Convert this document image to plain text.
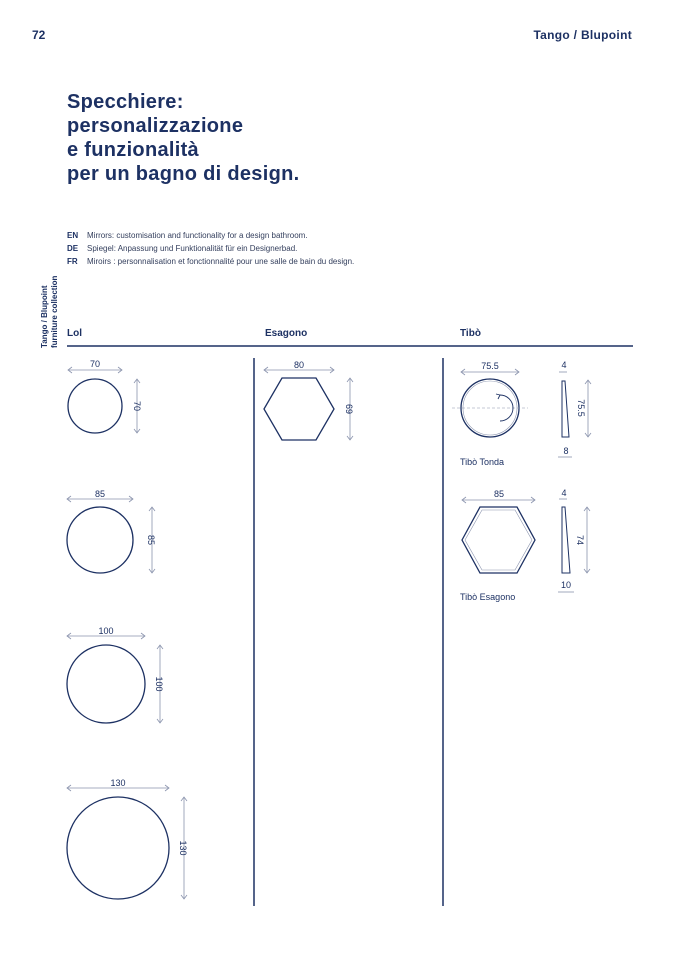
72	Tango / Blupoint
Tango / Blupoint furniture collection
Specchiere:
personalizzazione
e funzionalità
per un bagno di design.
EN Mirrors: customisation and functionality for a design bathroom.
DE Spiegel: Anpassung und Funktionalität für ein Designerbad.
FR Miroirs : personnalisation et fonctionnalité pour une salle de bain du design.
Lol	Esagono	Tibò
Tibò Tonda
Tibò Esagono
70
70
85
85
100
100
130
130
80
69
75.5	4
8
75.5
85	4
10
74
